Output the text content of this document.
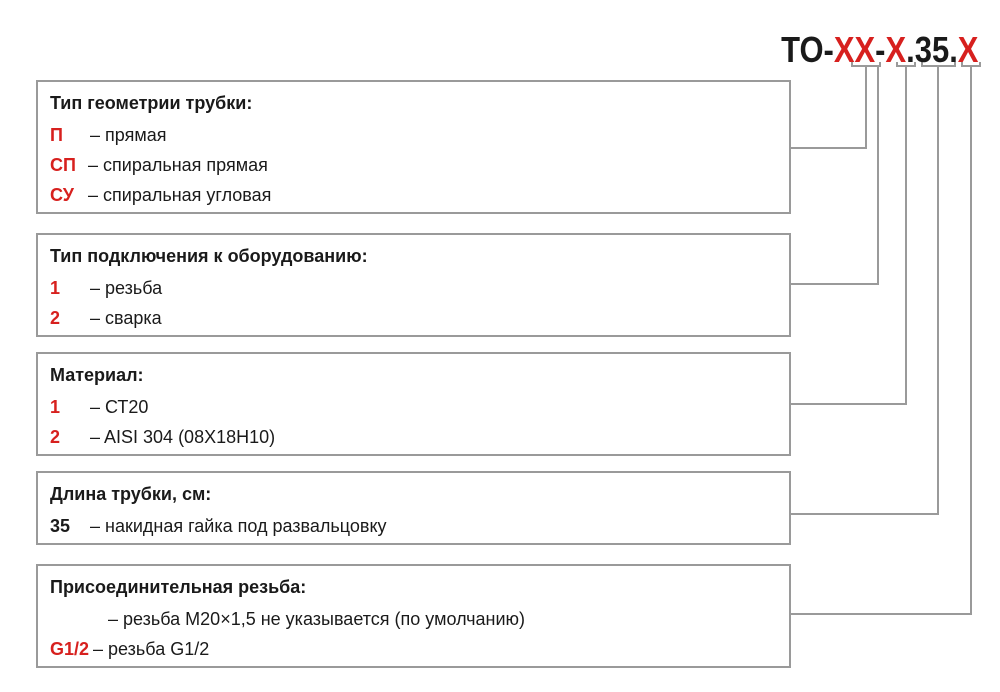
TO-XX-X.35.X
Тип геометрии трубки:
П – прямая
СП – спиральная прямая
СУ – спиральная угловая
Тип подключения к оборудованию:
1 – резьба
2 – сварка
Материал:
1 – СТ20
2 – AISI 304 (08Х18Н10)
Длина трубки, см:
35 – накидная гайка под развальцовку
Присоединительная резьба:
– резьба М20×1,5 не указывается (по умолчанию)
G1/2 – резьба G1/2
